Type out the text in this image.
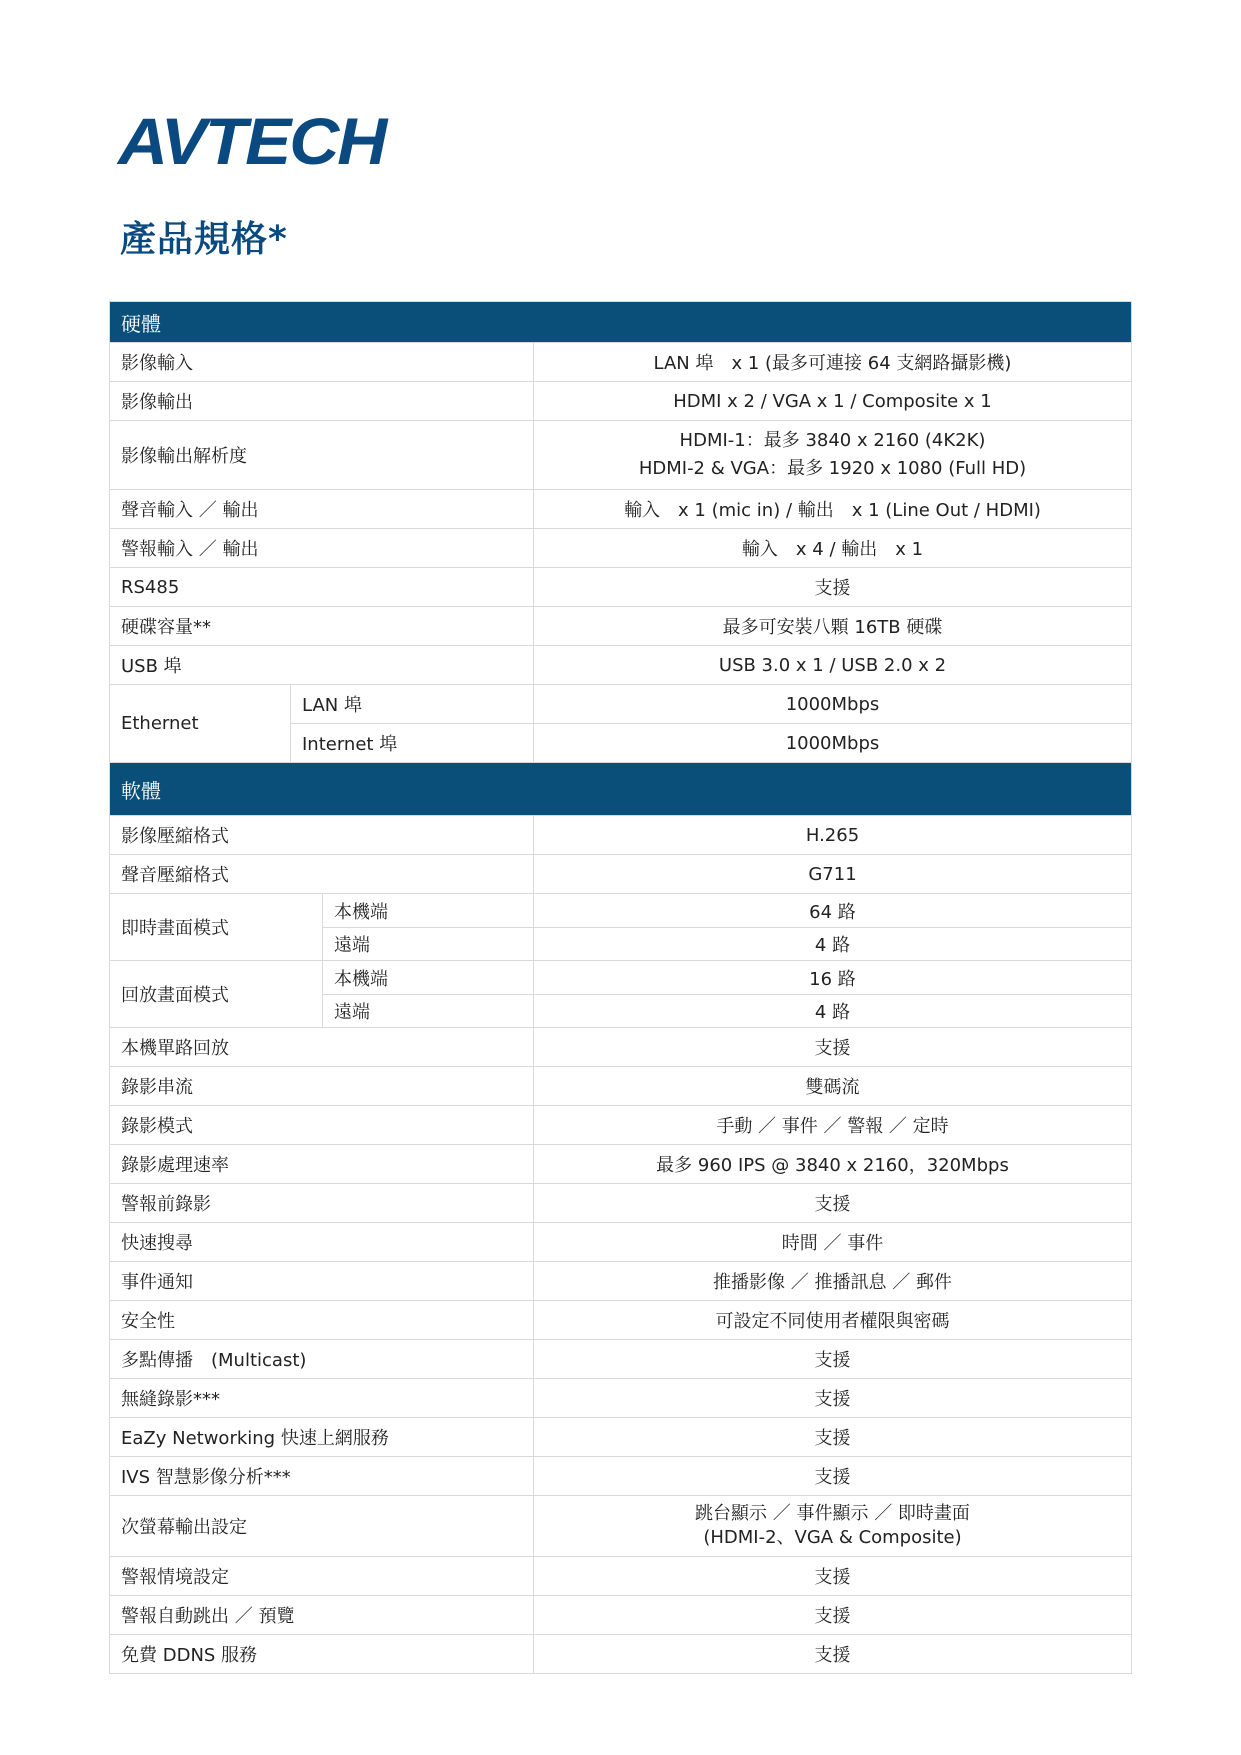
AVTECH
產品規格*
硬體			
影像輸入			LAN 埠　x 1 (最多可連接 64 支網路攝影機)
影像輸出			HDMI x 2 / VGA x 1 / Composite x 1
影像輸出解析度			HDMI-1：最多 3840 x 2160 (4K2K)
HDMI-2 & VGA：最多 1920 x 1080 (Full HD)

聲音輸入 ／ 輸出			輸入　x 1 (mic in) / 輸出　x 1 (Line Out / HDMI)
警報輸入 ／ 輸出			輸入　x 4 / 輸出　x 1
RS485			支援
硬碟容量**			最多可安裝八顆 16TB 硬碟
USB 埠			USB 3.0 x 1 / USB 2.0 x 2
Ethernet	LAN 埠		1000Mbps
	Internet 埠		1000Mbps
軟體			
影像壓縮格式			H.265
聲音壓縮格式			G711
即時畫面模式		本機端	64 路
		遠端	4 路
回放畫面模式		本機端	16 路
		遠端	4 路
本機單路回放			支援
錄影串流			雙碼流
錄影模式			手動 ／ 事件 ／ 警報 ／ 定時
錄影處理速率			最多 960 IPS @ 3840 x 2160，320Mbps
警報前錄影			支援
快速搜尋			時間 ／ 事件
事件通知			推播影像 ／ 推播訊息 ／ 郵件
安全性			可設定不同使用者權限與密碼
多點傳播　(Multicast)			支援
無縫錄影***			支援
EaZy Networking 快速上網服務			支援
IVS 智慧影像分析***			支援
次螢幕輸出設定			跳台顯示 ／ 事件顯示 ／ 即時畫面
(HDMI-2、VGA & Composite)

警報情境設定			支援
警報自動跳出 ／ 預覽			支援
免費 DDNS 服務			支援
